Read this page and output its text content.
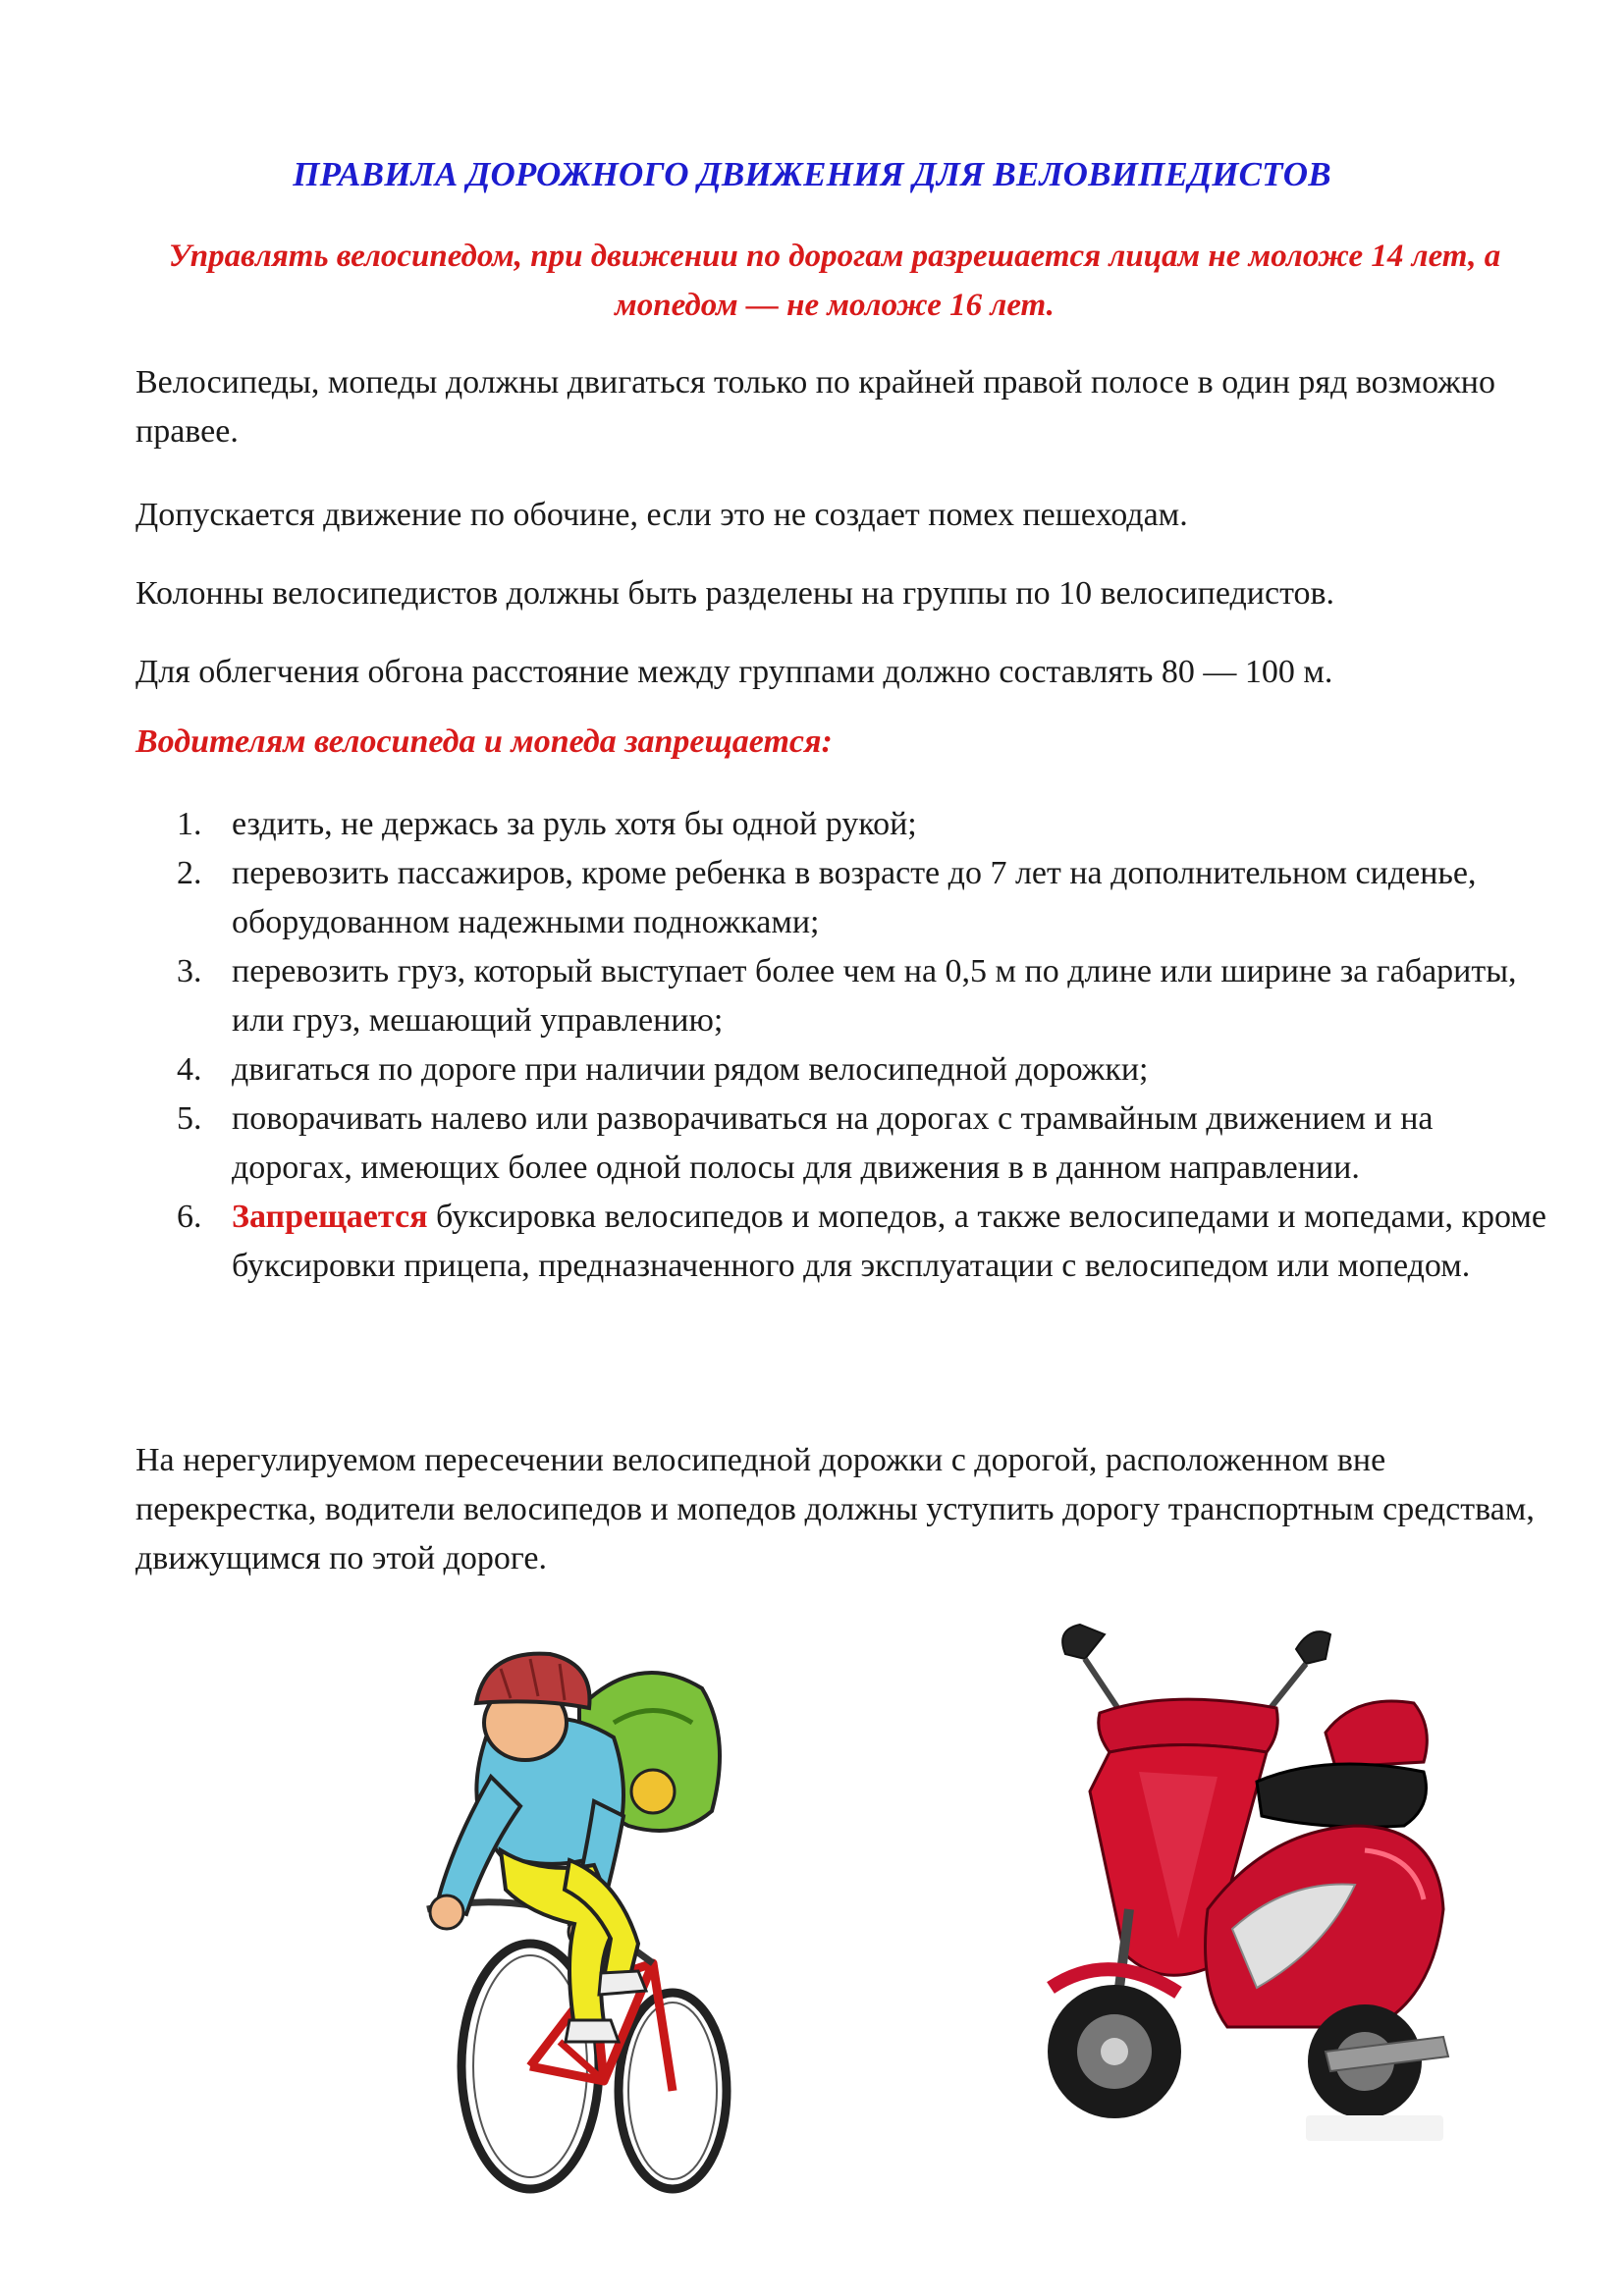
ПРАВИЛА ДОРОЖНОГО ДВИЖЕНИЯ ДЛЯ ВЕЛОВИПЕДИСТОВ
Управлять велосипедом, при движении по дорогам разрешается лицам не моложе 14 лет, а мопедом — не моложе 16 лет.
Велосипеды, мопеды должны двигаться только по крайней правой полосе в один ряд возможно правее.
Допускается движение по обочине, если это не создает помех пешеходам.
Колонны велосипедистов должны быть разделены на группы по 10 велосипедистов.
Для облегчения обгона расстояние между группами должно составлять 80 — 100 м.
Водителям велосипеда и мопеда запрещается:
1. ездить, не держась за руль хотя бы одной рукой;
2. перевозить пассажиров, кроме ребенка в возрасте до 7 лет на дополнительном сиденье, оборудованном надежными подножками;
3. перевозить груз, который выступает более чем на 0,5 м по длине или ширине за габариты, или груз, мешающий управлению;
4. двигаться по дороге при наличии рядом велосипедной дорожки;
5. поворачивать налево или разворачиваться на дорогах с трамвайным движением и на дорогах, имеющих более одной полосы для движения в в данном направлении.
6. Запрещается буксировка велосипедов и мопедов, а также велосипедами и мопедами, кроме буксировки прицепа, предназначенного для эксплуатации с велосипедом или мопедом.
На нерегулируемом пересечении велосипедной дорожки с дорогой, расположенном вне перекрестка, водители велосипедов и мопедов должны уступить дорогу транспортным средствам, движущимся по этой дороге.
